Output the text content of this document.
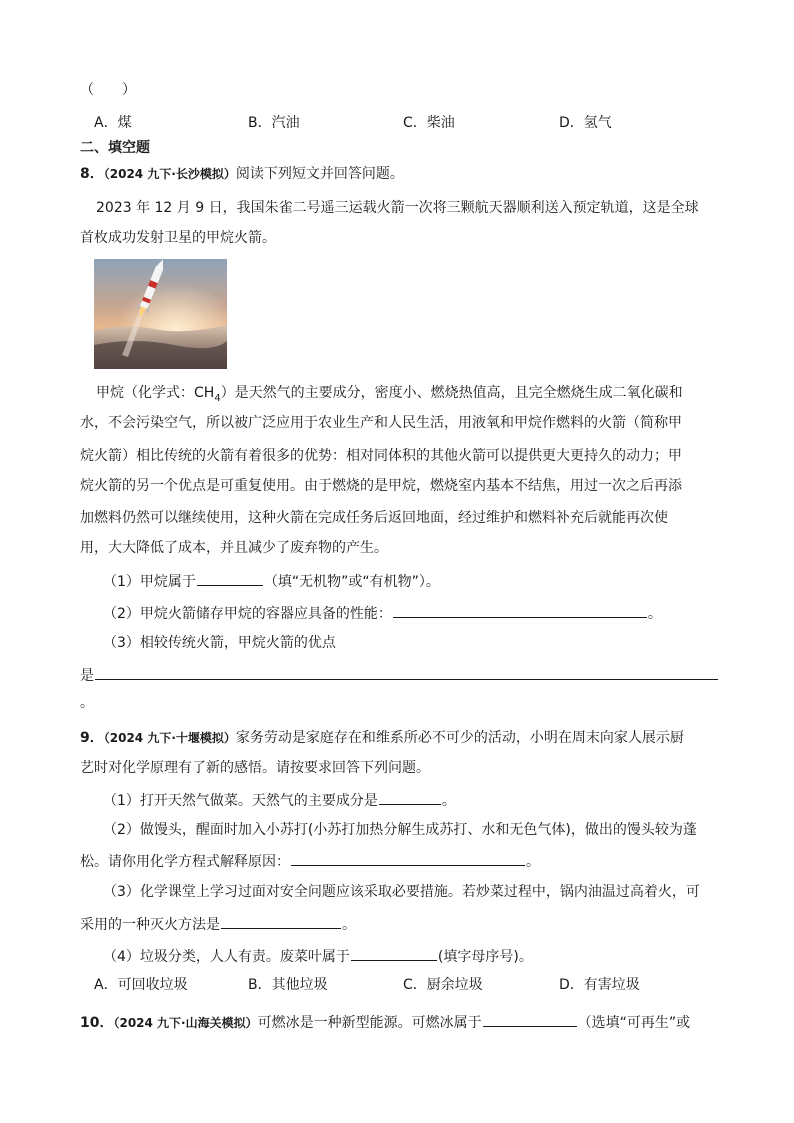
（　　）
A．煤	B．汽油	C．柴油	D．氢气
二、填空题
8．（2024 九下·长沙模拟）阅读下列短文并回答问题。
2023 年 12 月 9 日，我国朱雀二号遥三运载火箭一次将三颗航天器顺利送入预定轨道，这是全球
首枚成功发射卫星的甲烷火箭。
甲烷（化学式：$CH_4$）是天然气的主要成分，密度小、燃烧热值高，且完全燃烧生成二氧化碳和
水，不会污染空气，所以被广泛应用于农业生产和人民生活，用液氧和甲烷作燃料的火箭（简称甲
烷火箭）相比传统的火箭有着很多的优势：相对同体积的其他火箭可以提供更大更持久的动力；甲
烷火箭的另一个优点是可重复使用。由于燃烧的是甲烷，燃烧室内基本不结焦，用过一次之后再添
加燃料仍然可以继续使用，这种火箭在完成任务后返回地面，经过维护和燃料补充后就能再次使
用，大大降低了成本，并且减少了废弃物的产生。
（1）甲烷属于	（填“无机物”或“有机物”）。
（2）甲烷火箭储存甲烷的容器应具备的性能：	。
（3）相较传统火箭，甲烷火箭的优点
是
。
9．（2024 九下·十堰模拟）家务劳动是家庭存在和维系所必不可少的活动，小明在周末向家人展示厨
艺时对化学原理有了新的感悟。请按要求回答下列问题。
（1）打开天然气做菜。天然气的主要成分是	。
（2）做馒头，醒面时加入小苏打(小苏打加热分解生成苏打、水和无色气体)，做出的馒头较为蓬
松。请你用化学方程式解释原因：	。
（3）化学课堂上学习过面对安全问题应该采取必要措施。若炒菜过程中，锅内油温过高着火，可
采用的一种灭火方法是	。
（4）垃圾分类，人人有责。废菜叶属于	(填字母序号)。
A．可回收垃圾	B．其他垃圾	C．厨余垃圾	D．有害垃圾
10．（2024 九下·山海关模拟）可燃冰是一种新型能源。可燃冰属于	（选填“可再生”或
